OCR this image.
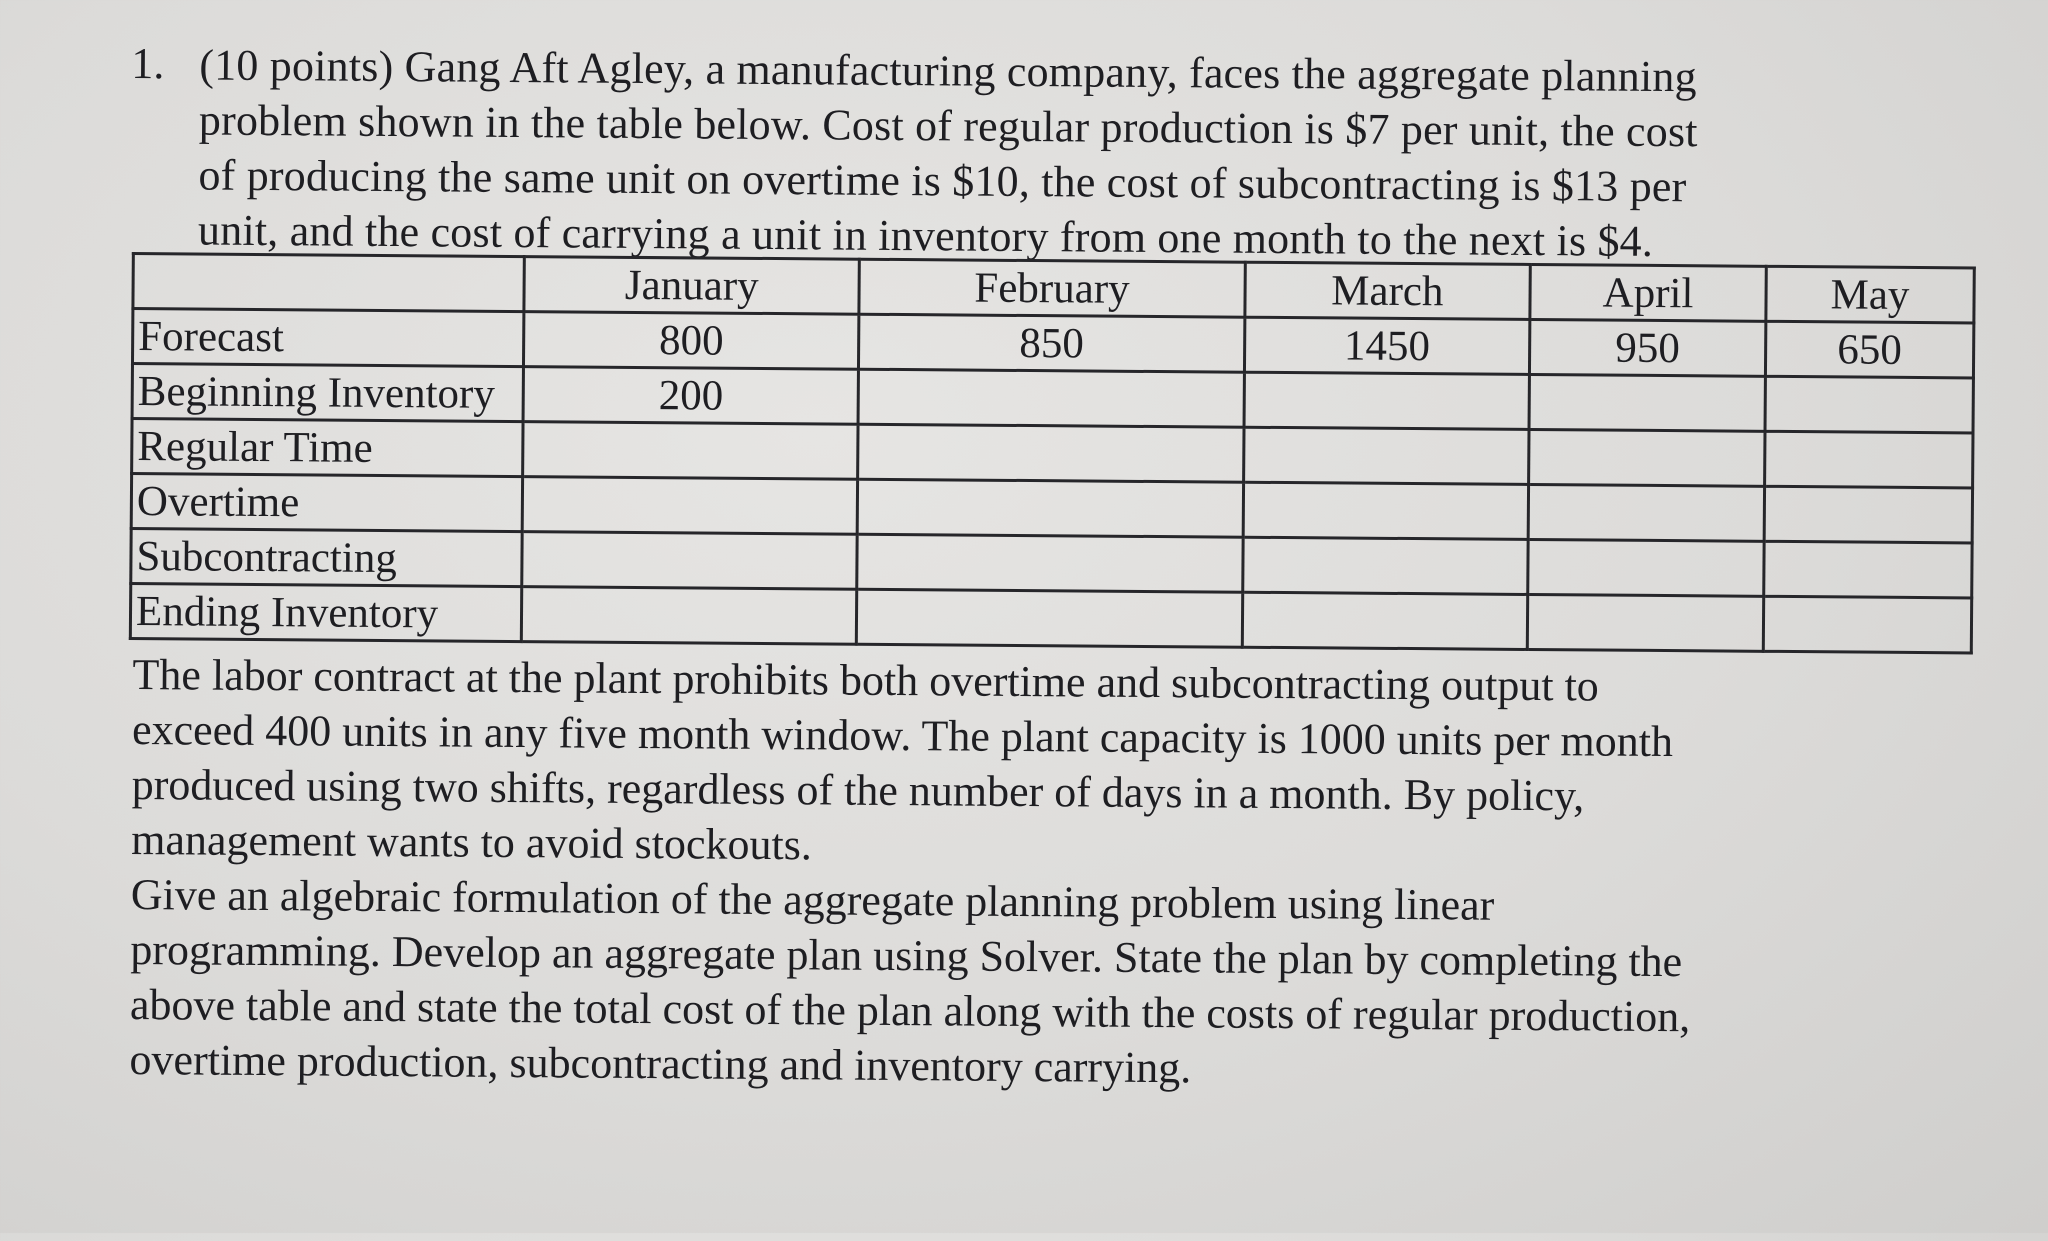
1. (10 points) Gang Aft Agley, a manufacturing company, faces the aggregate planning
problem shown in the table below. Cost of regular production is $7 per unit, the cost
of producing the same unit on overtime is $10, the cost of subcontracting is $13 per
unit, and the cost of carrying a unit in inventory from one month to the next is $4.
	January	February	March	April	May
Forecast	800	850	1450	950	650
Beginning Inventory	200				
Regular Time					
Overtime					
Subcontracting					
Ending Inventory					

The labor contract at the plant prohibits both overtime and subcontracting output to
exceed 400 units in any five month window. The plant capacity is 1000 units per month
produced using two shifts, regardless of the number of days in a month. By policy,
management wants to avoid stockouts.

Give an algebraic formulation of the aggregate planning problem using linear
programming. Develop an aggregate plan using Solver. State the plan by completing the
above table and state the total cost of the plan along with the costs of regular production,
overtime production, subcontracting and inventory carrying.
